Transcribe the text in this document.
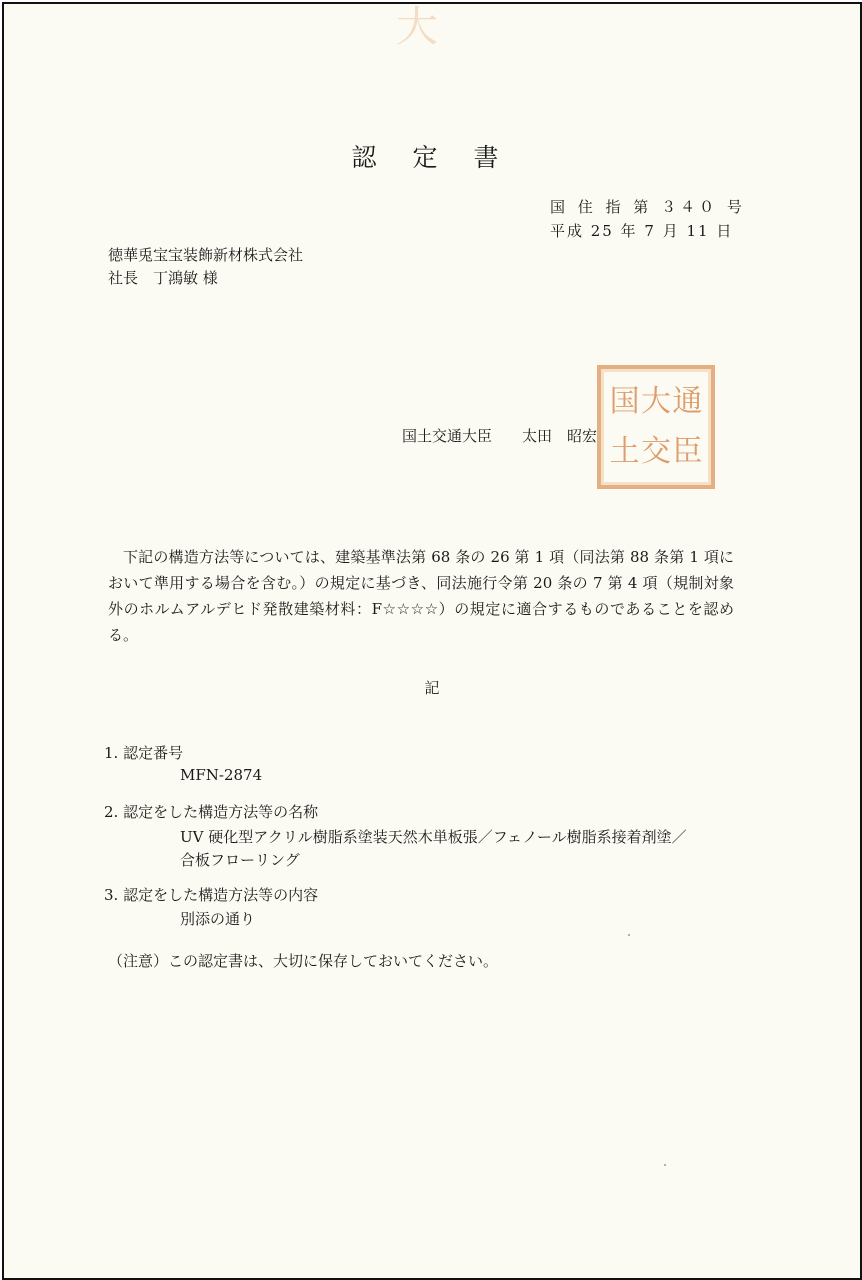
大
認 定 書
国 住 指 第 ３４０ 号
平成 25 年 7 月 11 日
徳華兎宝宝装飾新材株式会社
社長　丁鴻敏 様
国 大 通
土 交 臣
国土交通大臣　　太田　昭宏
下記の構造方法等については、建築基準法第 68 条の 26 第 1 項（同法第 88 条第 1 項において準用する場合を含む。）の規定に基づき、同法施行令第 20 条の 7 第 4 項（規制対象外のホルムアルデヒド発散建築材料：F☆☆☆☆）の規定に適合するものであることを認める。
記
1. 認定番号
MFN-2874
2. 認定をした構造方法等の名称
UV 硬化型アクリル樹脂系塗装天然木単板張／フェノール樹脂系接着剤塗／
合板フローリング
3. 認定をした構造方法等の内容
別添の通り
（注意）この認定書は、大切に保存しておいてください。
